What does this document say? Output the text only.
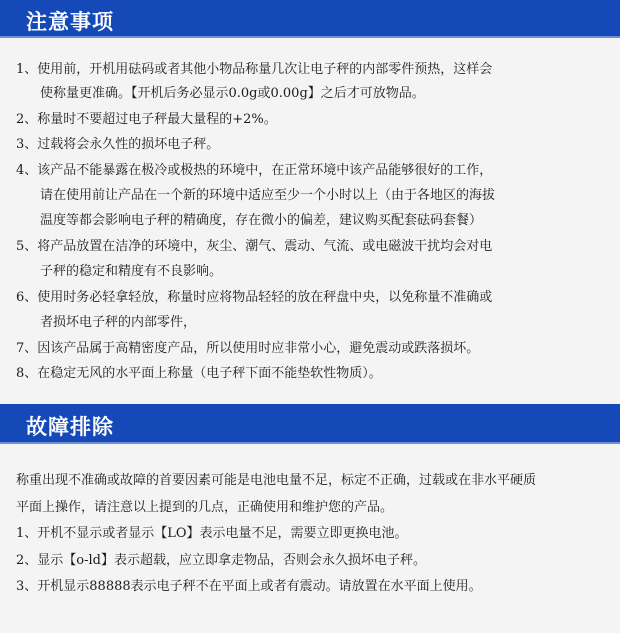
注意事项
1、使用前，开机用砝码或者其他小物品称量几次让电子秤的内部零件预热，这样会
使称量更准确。【开机后务必显示0.0g或0.00g】之后才可放物品。
2、称量时不要超过电子秤最大量程的+2%。
3、过载将会永久性的损坏电子秤。
4、该产品不能暴露在极冷或极热的环境中，在正常环境中该产品能够很好的工作，
请在使用前让产品在一个新的环境中适应至少一个小时以上（由于各地区的海拔
温度等都会影响电子秤的精确度，存在微小的偏差，建议购买配套砝码套餐）
5、将产品放置在洁净的环境中，灰尘、潮气、震动、气流、或电磁波干扰均会对电
子秤的稳定和精度有不良影响。
6、使用时务必轻拿轻放，称量时应将物品轻轻的放在秤盘中央，以免称量不准确或
者损坏电子秤的内部零件，
7、因该产品属于高精密度产品，所以使用时应非常小心，避免震动或跌落损坏。
8、在稳定无风的水平面上称量（电子秤下面不能垫软性物质）。
故障排除
称重出现不准确或故障的首要因素可能是电池电量不足，标定不正确，过载或在非水平硬质
平面上操作，请注意以上提到的几点，正确使用和维护您的产品。
1、开机不显示或者显示【LO】表示电量不足，需要立即更换电池。
2、显示【o-ld】表示超载，应立即拿走物品，否则会永久损坏电子秤。
3、开机显示88888表示电子秤不在平面上或者有震动。请放置在水平面上使用。
